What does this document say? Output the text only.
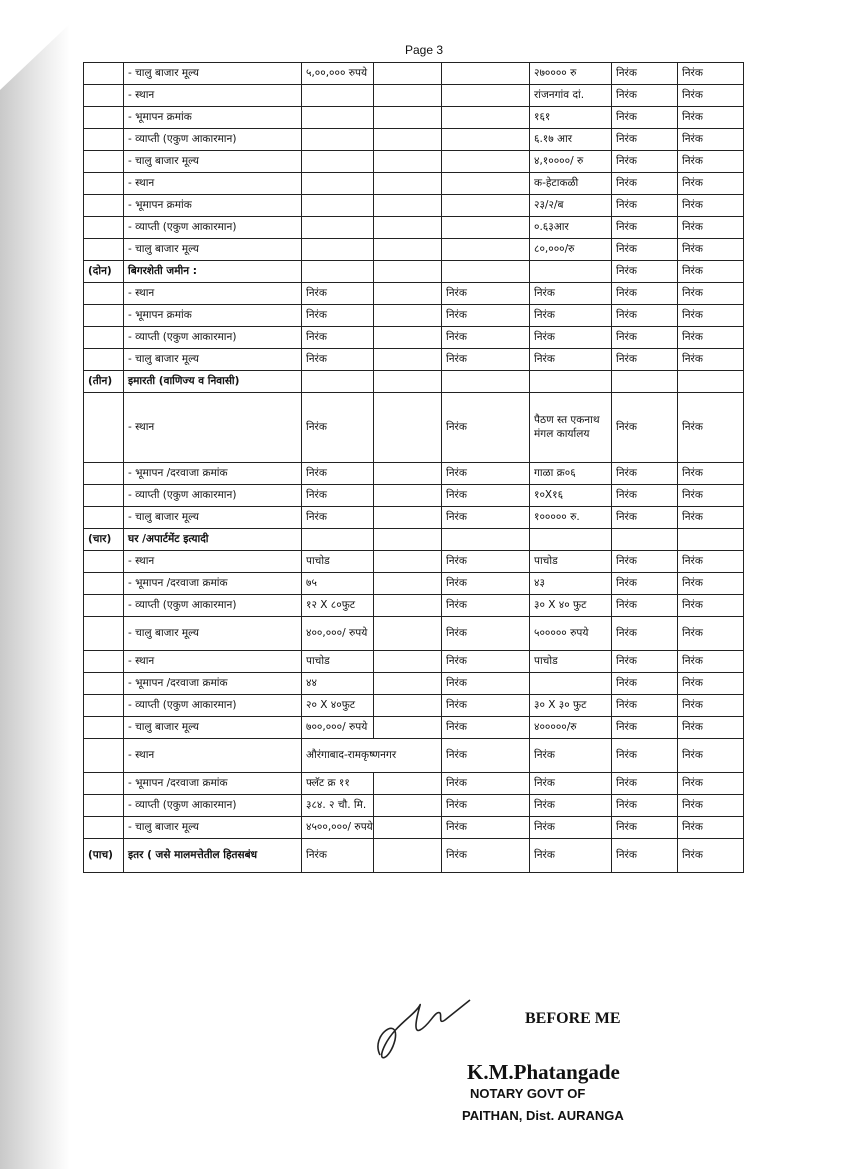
Page 3
	- चालु बाजार मूल्य	५,००,००० रुपये			२७०००० रु	निरंक	निरंक
	- स्थान				रांजनगांव दां.	निरंक	निरंक
	- भूमापन क्रमांक				१६१	निरंक	निरंक
	- व्याप्ती (एकुण आकारमान)				६.१७ आर	निरंक	निरंक
	- चालु बाजार मूल्य				४,१००००/ रु	निरंक	निरंक
	- स्थान				क-हेटाकळी	निरंक	निरंक
	- भूमापन क्रमांक				२३/२/ब	निरंक	निरंक
	- व्याप्ती (एकुण आकारमान)				०.६३आर	निरंक	निरंक
	- चालु बाजार मूल्य				८०,०००/रु	निरंक	निरंक
(दोन)	बिगरशेती जमीन :					निरंक	निरंक
	- स्थान	निरंक		निरंक	निरंक	निरंक	निरंक
	- भूमापन क्रमांक	निरंक		निरंक	निरंक	निरंक	निरंक
	- व्याप्ती (एकुण आकारमान)	निरंक		निरंक	निरंक	निरंक	निरंक
	- चालु बाजार मूल्य	निरंक		निरंक	निरंक	निरंक	निरंक
(तीन)	इमारती (वाणिज्य व निवासी)						
	- स्थान	निरंक		निरंक	पैठण स्त एकनाथ मंगल कार्यालय	निरंक	निरंक
	- भूमापन /दरवाजा क्रमांक	निरंक		निरंक	गाळा क्र०६	निरंक	निरंक
	- व्याप्ती (एकुण आकारमान)	निरंक		निरंक	१०X१६	निरंक	निरंक
	- चालु बाजार मूल्य	निरंक		निरंक	१००००० रु.	निरंक	निरंक
(चार)	घर /अपार्टमेंट इत्यादी						
	- स्थान	पाचोड		निरंक	पाचोड	निरंक	निरंक
	- भूमापन /दरवाजा क्रमांक	७५		निरंक	४३	निरंक	निरंक
	- व्याप्ती (एकुण आकारमान)	१२ X ८०फुट		निरंक	३० X ४० फुट	निरंक	निरंक
	- चालु बाजार मूल्य	४००,०००/ रुपये		निरंक	५००००० रुपये	निरंक	निरंक
	- स्थान	पाचोड		निरंक	पाचोड	निरंक	निरंक
	- भूमापन /दरवाजा क्रमांक	४४		निरंक		निरंक	निरंक
	- व्याप्ती (एकुण आकारमान)	२० X ४०फुट		निरंक	३० X ३० फुट	निरंक	निरंक
	- चालु बाजार मूल्य	७००,०००/ रुपये		निरंक	४०००००/रु	निरंक	निरंक
	- स्थान	औरंगाबाद-रामकृष्णनगर		निरंक	निरंक	निरंक	निरंक
	- भूमापन /दरवाजा क्रमांक	फ्लॅट क्र ११		निरंक	निरंक	निरंक	निरंक
	- व्याप्ती (एकुण आकारमान)	३८४. २ चौ. मि.		निरंक	निरंक	निरंक	निरंक
	- चालु बाजार मूल्य	४५००,०००/ रुपये		निरंक	निरंक	निरंक	निरंक
(पाच)	इतर ( जसे मालमत्तेतील हितसबंध	निरंक		निरंक	निरंक	निरंक	निरंक
BEFORE ME
K.M.Phatangade
NOTARY GOVT OF
PAITHAN, Dist. AURANGA
